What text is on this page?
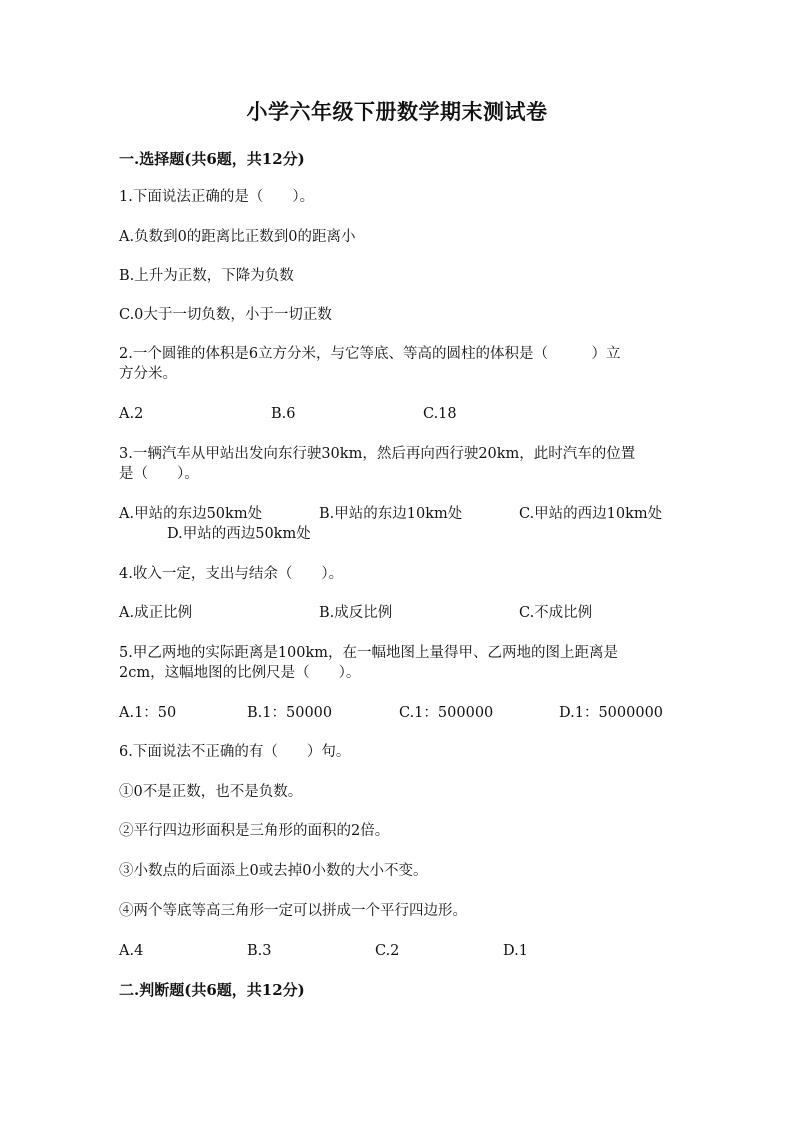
小学六年级下册数学期末测试卷
一.选择题(共6题，共12分)
1.下面说法正确的是（　　）。
A.负数到0的距离比正数到0的距离小
B.上升为正数，下降为负数
C.0大于一切负数，小于一切正数
2.一个圆锥的体积是6立方分米，与它等底、等高的圆柱的体积是（　　　）立
方分米。
A.2	B.6	C.18
3.一辆汽车从甲站出发向东行驶30km，然后再向西行驶20km，此时汽车的位置
是（　　）。
A.甲站的东边50km处	B.甲站的东边10km处	C.甲站的西边10km处
D.甲站的西边50km处
4.收入一定，支出与结余（　　）。
A.成正比例	B.成反比例	C.不成比例
5.甲乙两地的实际距离是100km，在一幅地图上量得甲、乙两地的图上距离是
2cm，这幅地图的比例尺是（　　）。
A.1：50	B.1：50000	C.1：500000	D.1：5000000
6.下面说法不正确的有（　　）句。
①0不是正数，也不是负数。
②平行四边形面积是三角形的面积的2倍。
③小数点的后面添上0或去掉0小数的大小不变。
④两个等底等高三角形一定可以拼成一个平行四边形。
A.4	B.3	C.2	D.1
二.判断题(共6题，共12分)
